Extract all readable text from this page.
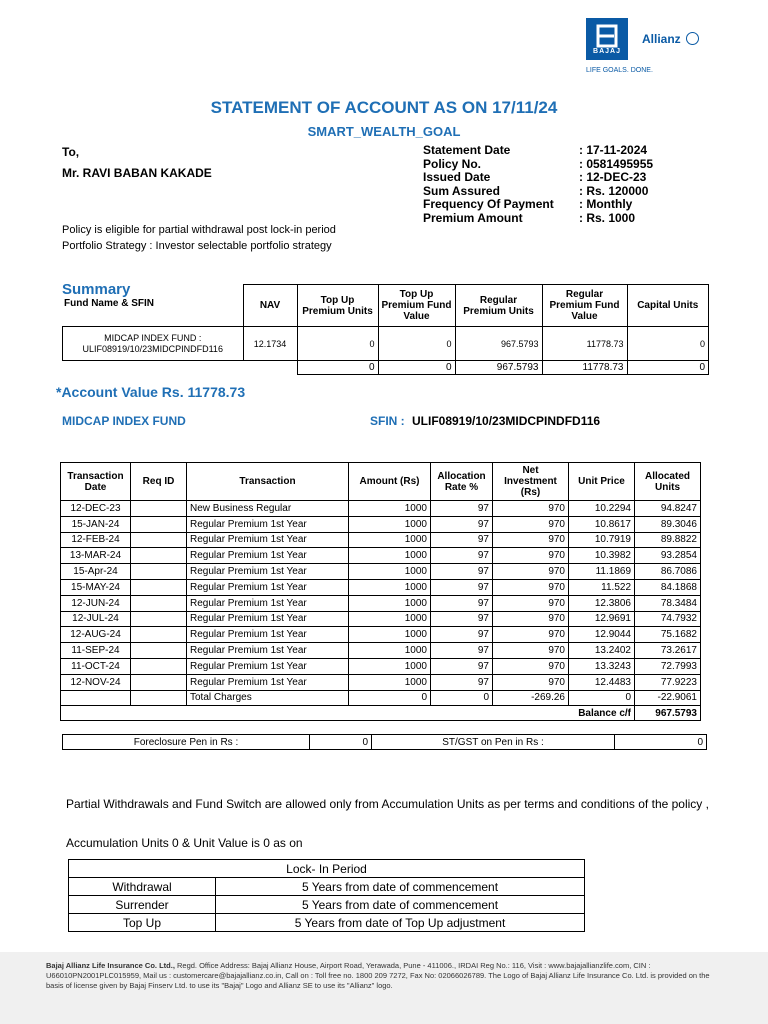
BAJAJ
Allianz
LIFE GOALS. DONE.
STATEMENT OF ACCOUNT AS ON 17/11/24
SMART_WEALTH_GOAL
To,
Mr. RAVI BABAN KAKADE
Statement Date	: 17-11-2024
Policy No.	: 0581495955
Issued Date	: 12-DEC-23
Sum Assured	: Rs. 120000
Frequency Of Payment	: Monthly
Premium Amount	: Rs. 1000
Policy is eligible for partial withdrawal post lock-in period
Portfolio Strategy : Investor selectable portfolio strategy
Summary
Fund Name & SFIN
		NAV	Top Up Premium Units	Top Up Premium Fund Value	Regular Premium Units	Regular Premium Fund Value	Capital Units

MIDCAP INDEX FUND :
ULIF08919/10/23MIDCPINDFD116	12.1734	0	0	967.5793	11778.73	0
		0	0	967.5793	11778.73	0
*Account Value Rs. 11778.73
MIDCAP INDEX FUND	SFIN : ULIF08919/10/23MIDCPINDFD116
Transaction Date	Req ID	Transaction	Amount (Rs)	Allocation Rate %	Net Investment (Rs)	Unit Price	Allocated Units
12-DEC-23		New Business Regular	1000	97	970	10.2294	94.8247
15-JAN-24		Regular Premium 1st Year	1000	97	970	10.8617	89.3046
12-FEB-24		Regular Premium 1st Year	1000	97	970	10.7919	89.8822
13-MAR-24		Regular Premium 1st Year	1000	97	970	10.3982	93.2854
15-Apr-24		Regular Premium 1st Year	1000	97	970	11.1869	86.7086
15-MAY-24		Regular Premium 1st Year	1000	97	970	11.522	84.1868
12-JUN-24		Regular Premium 1st Year	1000	97	970	12.3806	78.3484
12-JUL-24		Regular Premium 1st Year	1000	97	970	12.9691	74.7932
12-AUG-24		Regular Premium 1st Year	1000	97	970	12.9044	75.1682
11-SEP-24		Regular Premium 1st Year	1000	97	970	13.2402	73.2617
11-OCT-24		Regular Premium 1st Year	1000	97	970	13.3243	72.7993
12-NOV-24		Regular Premium 1st Year	1000	97	970	12.4483	77.9223
		Total Charges	0	0	-269.26	0	-22.9061
Balance c/f							967.5793
Foreclosure Pen in Rs :	0	ST/GST on Pen in Rs :	0
Partial Withdrawals and Fund Switch are allowed only from Accumulation Units as per terms and conditions of the policy ,
Accumulation Units 0 & Unit Value is 0 as on
Lock- In Period	
Withdrawal	5 Years from date of commencement
Surrender	5 Years from date of commencement
Top Up	5 Years from date of Top Up adjustment
Bajaj Allianz Life Insurance Co. Ltd., Regd. Office Address: Bajaj Allianz House, Airport Road, Yerawada, Pune - 411006., IRDAI Reg No.: 116, Visit : www.bajajallianzlife.com, CIN : U66010PN2001PLC015959, Mail us : customercare@bajajallianz.co.in, Call on : Toll free no. 1800 209 7272, Fax No: 02066026789. The Logo of Bajaj Allianz Life Insurance Co. Ltd. is provided on the basis of license given by Bajaj Finserv Ltd. to use its "Bajaj" Logo and Allianz SE to use its "Allianz" logo.
